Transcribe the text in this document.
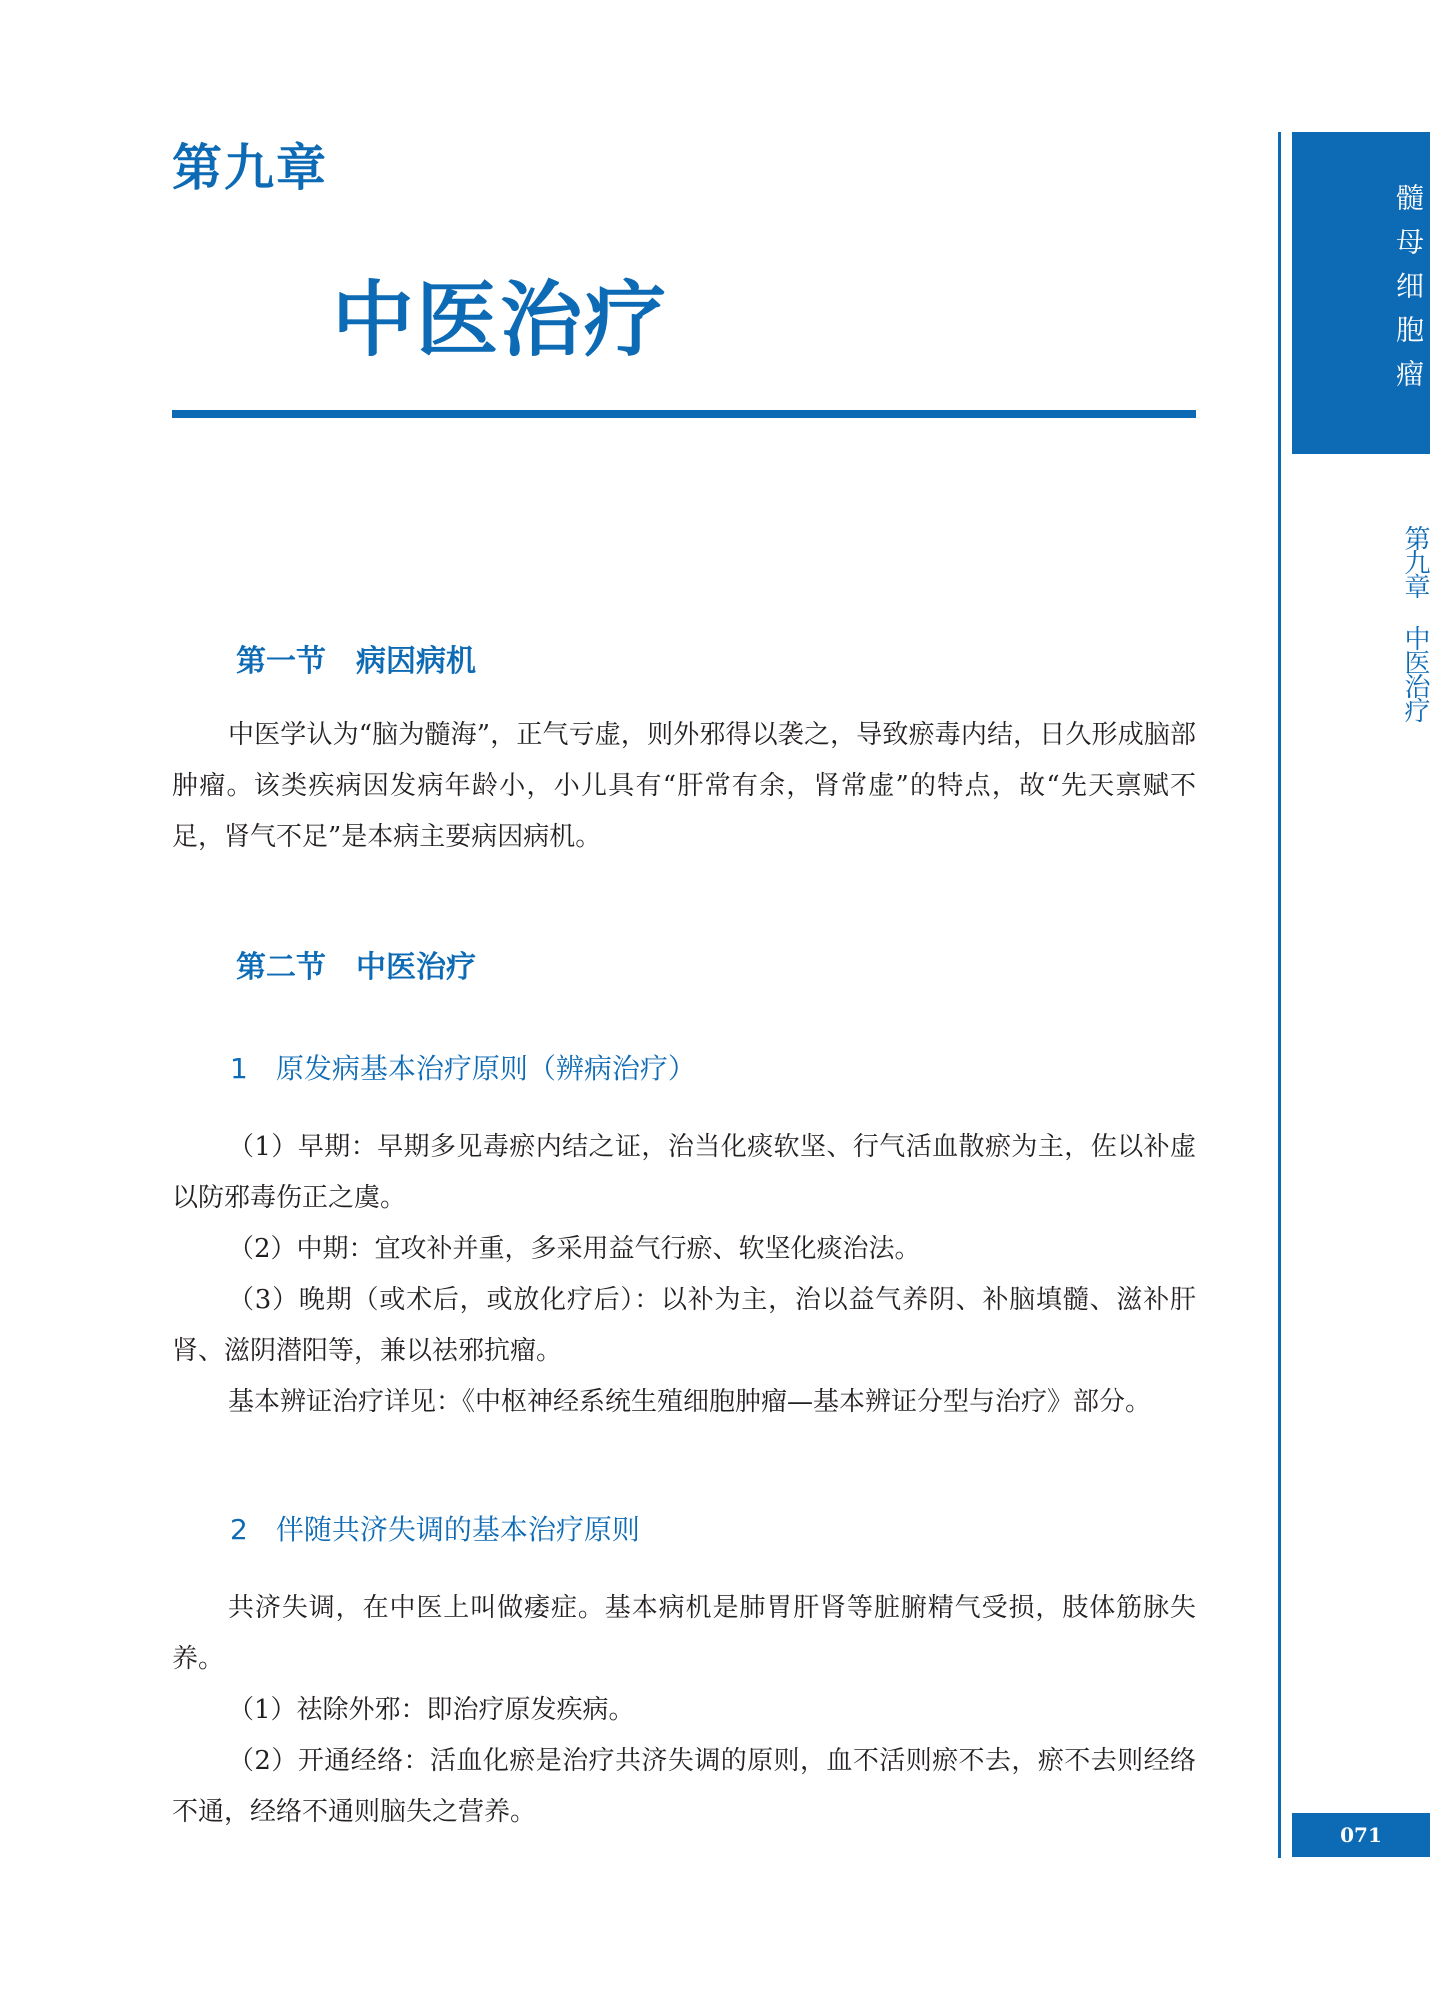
第九章
中医治疗	髓母细胞瘤
第九章 中医治疗
071
第一节　病因病机

中医学认为“脑为髓海”，正气亏虚，则外邪得以袭之，导致瘀毒内结，日久形成脑部肿瘤。该类疾病因发病年龄小，小儿具有“肝常有余，肾常虚”的特点，故“先天禀赋不足，肾气不足”是本病主要病因病机。

第二节　中医治疗
1　原发病基本治疗原则（辨病治疗）

（1）早期：早期多见毒瘀内结之证，治当化痰软坚、行气活血散瘀为主，佐以补虚以防邪毒伤正之虞。

（2）中期：宜攻补并重，多采用益气行瘀、软坚化痰治法。

（3）晚期（或术后，或放化疗后）：以补为主，治以益气养阴、补脑填髓、滋补肝肾、滋阴潜阳等，兼以祛邪抗瘤。

基本辨证治疗详见：《中枢神经系统生殖细胞肿瘤—基本辨证分型与治疗》部分。

2　伴随共济失调的基本治疗原则

共济失调，在中医上叫做痿症。基本病机是肺胃肝肾等脏腑精气受损，肢体筋脉失养。

（1）祛除外邪：即治疗原发疾病。

（2）开通经络：活血化瘀是治疗共济失调的原则，血不活则瘀不去，瘀不去则经络不通，经络不通则脑失之营养。
